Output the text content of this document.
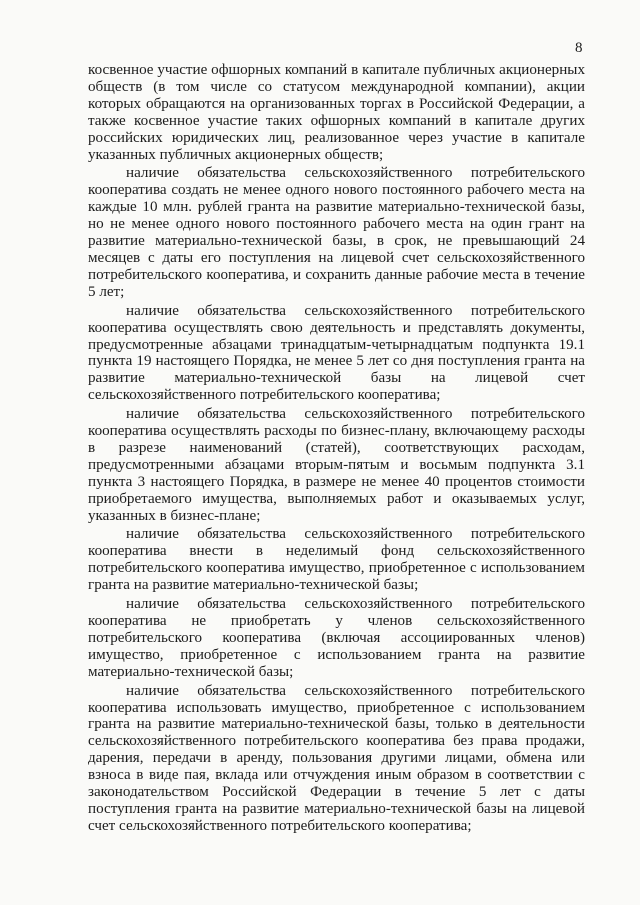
8

косвенное участие офшорных компаний в капитале публичных акционерных обществ (в том числе со статусом международной компании), акции которых обращаются на организованных торгах в Российской Федерации, а также косвенное участие таких офшорных компаний в капитале других российских юридических лиц, реализованное через участие в капитале указанных публичных акционерных обществ;

наличие обязательства сельскохозяйственного потребительского кооператива создать не менее одного нового постоянного рабочего места на каждые 10 млн. рублей гранта на развитие материально-технической базы, но не менее одного нового постоянного рабочего места на один грант на развитие материально-технической базы, в срок, не превышающий 24 месяцев с даты его поступления на лицевой счет сельскохозяйственного потребительского кооператива, и сохранить данные рабочие места в течение 5 лет;

наличие обязательства сельскохозяйственного потребительского кооператива осуществлять свою деятельность и представлять документы, предусмотренные абзацами тринадцатым-четырнадцатым подпункта 19.1 пункта 19 настоящего Порядка, не менее 5 лет со дня поступления гранта на развитие материально-технической базы на лицевой счет сельскохозяйственного потребительского кооператива;

наличие обязательства сельскохозяйственного потребительского кооператива осуществлять расходы по бизнес-плану, включающему расходы в разрезе наименований (статей), соответствующих расходам, предусмотренными абзацами вторым-пятым и восьмым подпункта 3.1 пункта 3 настоящего Порядка, в размере не менее 40 процентов стоимости приобретаемого имущества, выполняемых работ и оказываемых услуг, указанных в бизнес-плане;

наличие обязательства сельскохозяйственного потребительского кооператива внести в неделимый фонд сельскохозяйственного потребительского кооператива имущество, приобретенное с использованием гранта на развитие материально-технической базы;

наличие обязательства сельскохозяйственного потребительского кооператива не приобретать у членов сельскохозяйственного потребительского кооператива (включая ассоциированных членов) имущество, приобретенное с использованием гранта на развитие материально-технической базы;

наличие обязательства сельскохозяйственного потребительского кооператива использовать имущество, приобретенное с использованием гранта на развитие материально-технической базы, только в деятельности сельскохозяйственного потребительского кооператива без права продажи, дарения, передачи в аренду, пользования другими лицами, обмена или взноса в виде пая, вклада или отчуждения иным образом в соответствии с законодательством Российской Федерации в течение 5 лет с даты поступления гранта на развитие материально-технической базы на лицевой счет сельскохозяйственного потребительского кооператива;
